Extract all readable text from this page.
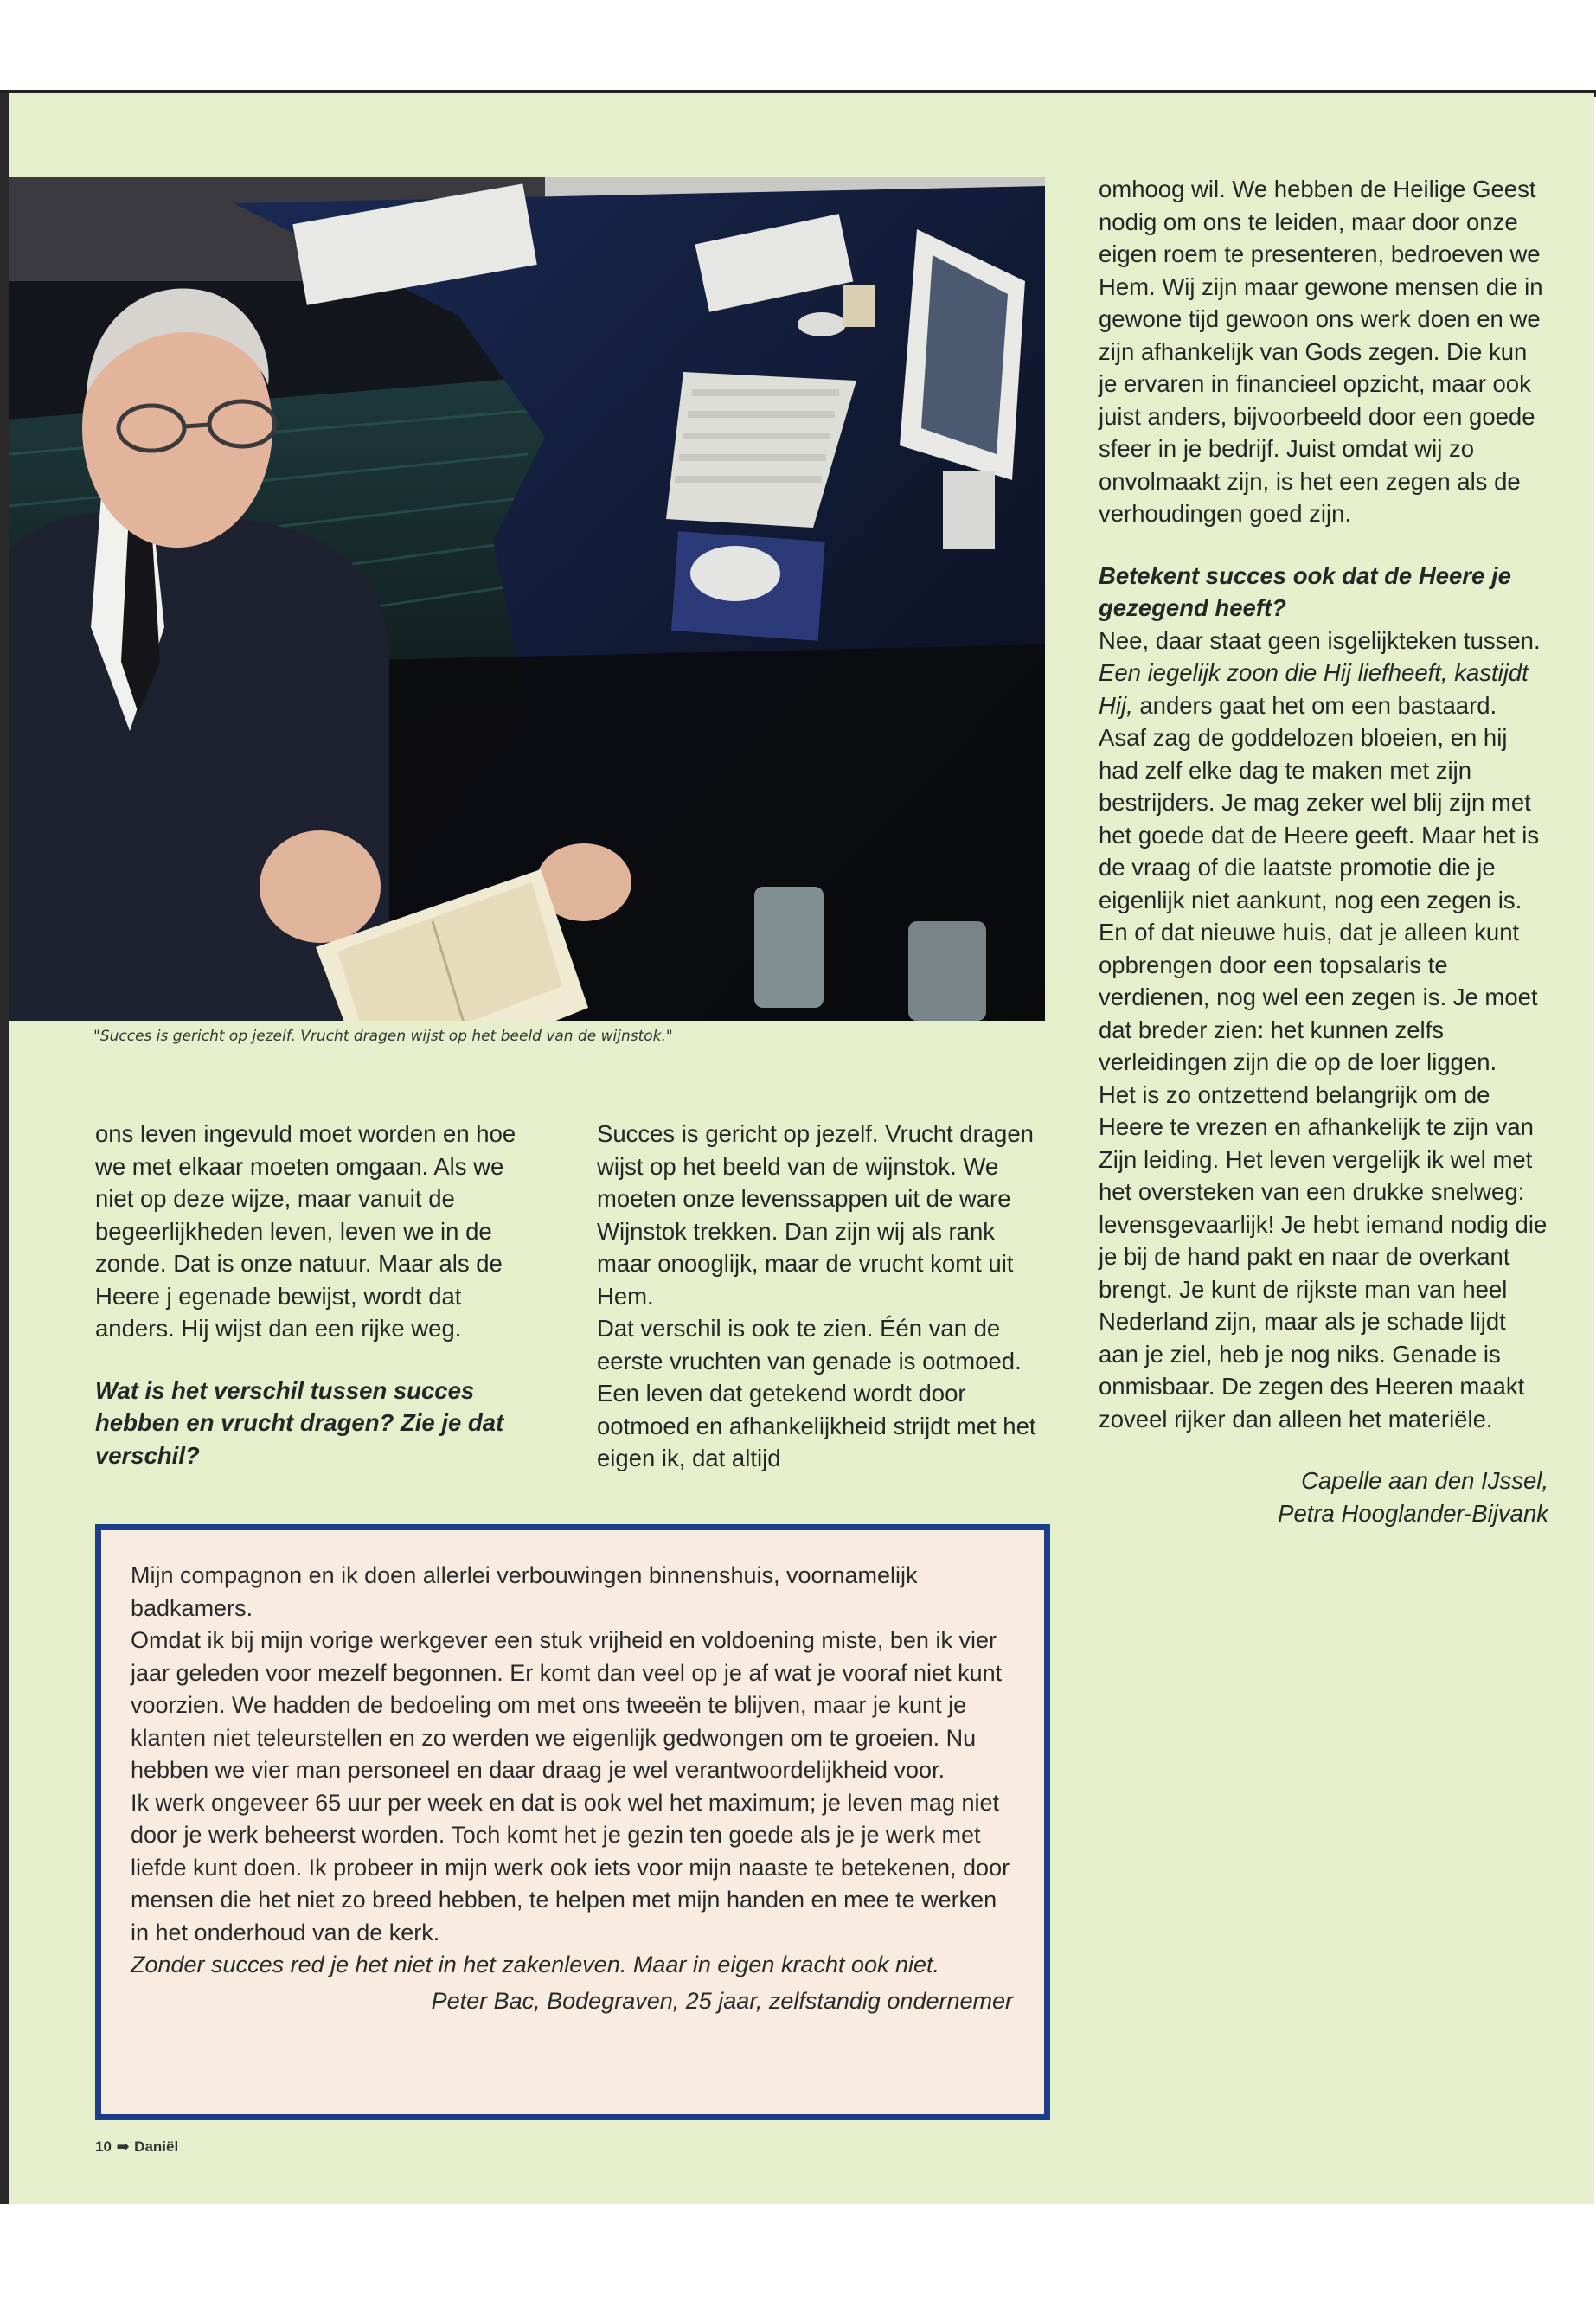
"Succes is gericht op jezelf. Vrucht dragen wijst op het beeld van de wijnstok."

ons leven ingevuld moet worden en hoe we met elkaar moeten omgaan. Als we niet op deze wijze, maar vanuit de begeerlijkheden leven, leven we in de zonde. Dat is onze natuur. Maar als de Heere j egenade bewijst, wordt dat anders. Hij wijst dan een rijke weg.

Wat is het verschil tussen succes hebben en vrucht dragen? Zie je dat verschil?

Succes is gericht op jezelf. Vrucht dragen wijst op het beeld van de wijnstok. We moeten onze levenssappen uit de ware Wijnstok trekken. Dan zijn wij als rank maar onooglijk, maar de vrucht komt uit Hem.

Dat verschil is ook te zien. Één van de eerste vruchten van genade is ootmoed. Een leven dat getekend wordt door ootmoed en afhankelijkheid strijdt met het eigen ik, dat altijd

omhoog wil. We hebben de Heilige Geest nodig om ons te leiden, maar door onze eigen roem te presenteren, bedroeven we Hem. Wij zijn maar gewone mensen die in gewone tijd gewoon ons werk doen en we zijn afhankelijk van Gods zegen. Die kun je ervaren in financieel opzicht, maar ook juist anders, bijvoorbeeld door een goede sfeer in je bedrijf. Juist omdat wij zo onvolmaakt zijn, is het een zegen als de verhoudingen goed zijn.

Betekent succes ook dat de Heere je gezegend heeft?

Nee, daar staat geen isgelijkteken tussen. Een iegelijk zoon die Hij liefheeft, kastijdt Hij, anders gaat het om een bastaard. Asaf zag de goddelozen bloeien, en hij had zelf elke dag te maken met zijn bestrijders. Je mag zeker wel blij zijn met het goede dat de Heere geeft. Maar het is de vraag of die laatste promotie die je eigenlijk niet aankunt, nog een zegen is. En of dat nieuwe huis, dat je alleen kunt opbrengen door een topsalaris te verdienen, nog wel een zegen is. Je moet dat breder zien: het kunnen zelfs verleidingen zijn die op de loer liggen.

Het is zo ontzettend belangrijk om de Heere te vrezen en afhankelijk te zijn van Zijn leiding. Het leven vergelijk ik wel met het oversteken van een drukke snelweg: levensgevaarlijk! Je hebt iemand nodig die je bij de hand pakt en naar de overkant brengt. Je kunt de rijkste man van heel Nederland zijn, maar als je schade lijdt aan je ziel, heb je nog niks. Genade is onmisbaar. De zegen des Heeren maakt zoveel rijker dan alleen het materiële.

Capelle aan den IJssel,

Petra Hooglander-Bijvank

Mijn compagnon en ik doen allerlei verbouwingen binnenshuis, voornamelijk badkamers.

Omdat ik bij mijn vorige werkgever een stuk vrijheid en voldoening miste, ben ik vier jaar geleden voor mezelf begonnen. Er komt dan veel op je af wat je vooraf niet kunt voorzien. We hadden de bedoeling om met ons tweeën te blijven, maar je kunt je klanten niet teleurstellen en zo werden we eigenlijk gedwongen om te groeien. Nu hebben we vier man personeel en daar draag je wel verantwoordelijkheid voor.

Ik werk ongeveer 65 uur per week en dat is ook wel het maximum; je leven mag niet door je werk beheerst worden. Toch komt het je gezin ten goede als je je werk met liefde kunt doen. Ik probeer in mijn werk ook iets voor mijn naaste te betekenen, door mensen die het niet zo breed hebben, te helpen met mijn handen en mee te werken in het onderhoud van de kerk.

Zonder succes red je het niet in het zakenleven. Maar in eigen kracht ook niet.

Peter Bac, Bodegraven, 25 jaar, zelfstandig ondernemer

10 ➡ Daniël
